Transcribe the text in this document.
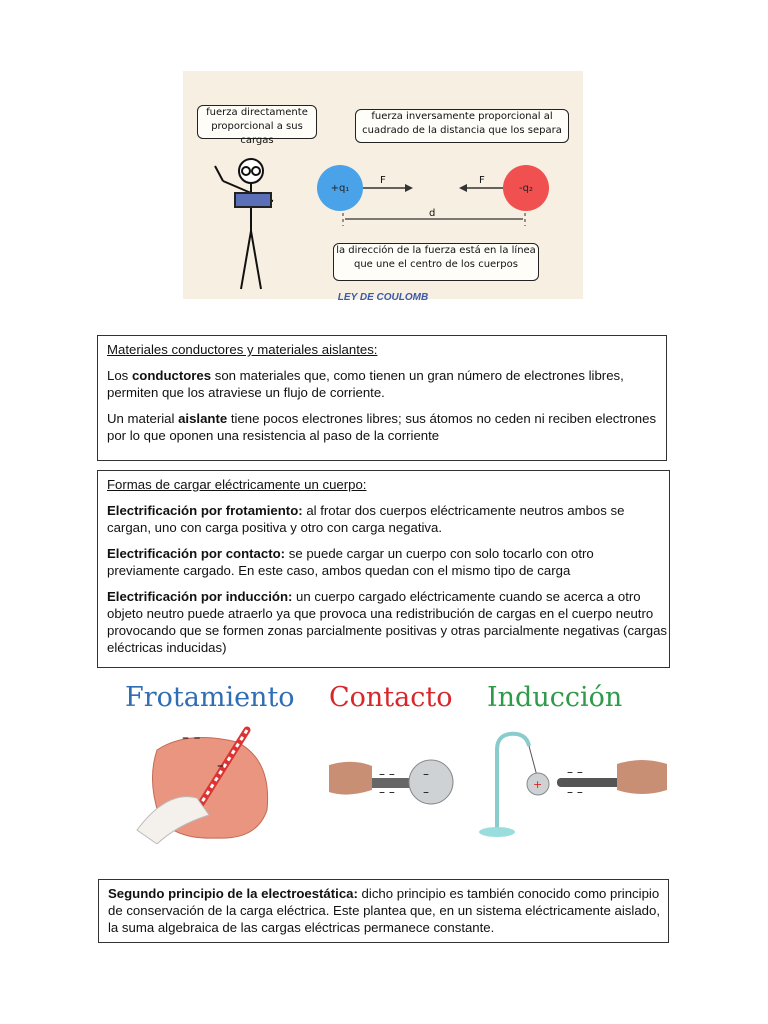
fuerza directamente proporcional a sus cargas
fuerza inversamente proporcional al cuadrado de la distancia que los separa
la dirección de la fuerza está en la línea que une el centro de los cuerpos
+q₁	-q₂
F	F
d
LEY DE COULOMB

Materiales conductores y materiales aislantes:

Los conductores son materiales que, como tienen un gran número de electrones libres, permiten que los atraviese un flujo de corriente.

Un material aislante tiene pocos electrones libres; sus átomos no ceden ni reciben electrones por lo que oponen una resistencia al paso de la corriente

Formas de cargar eléctricamente un cuerpo:

Electrificación por frotamiento: al frotar dos cuerpos eléctricamente neutros ambos se cargan, uno con carga positiva y otro con carga negativa.

Electrificación por contacto: se puede cargar un cuerpo con solo tocarlo con otro previamente cargado. En este caso, ambos quedan con el mismo tipo de carga

Electrificación por inducción: un cuerpo cargado eléctricamente cuando se acerca a otro objeto neutro puede atraerlo ya que provoca una redistribución de cargas en el cuerpo neutro provocando que se formen zonas parcialmente positivas y otras parcialmente negativas (cargas eléctricas inducidas)

Frotamiento Contacto Inducción
– –
–	– –
– –
–
–
+
– –
– –

Segundo principio de la electroestática: dicho principio es también conocido como principio de conservación de la carga eléctrica. Este plantea que, en un sistema eléctricamente aislado, la suma algebraica de las cargas eléctricas permanece constante.
